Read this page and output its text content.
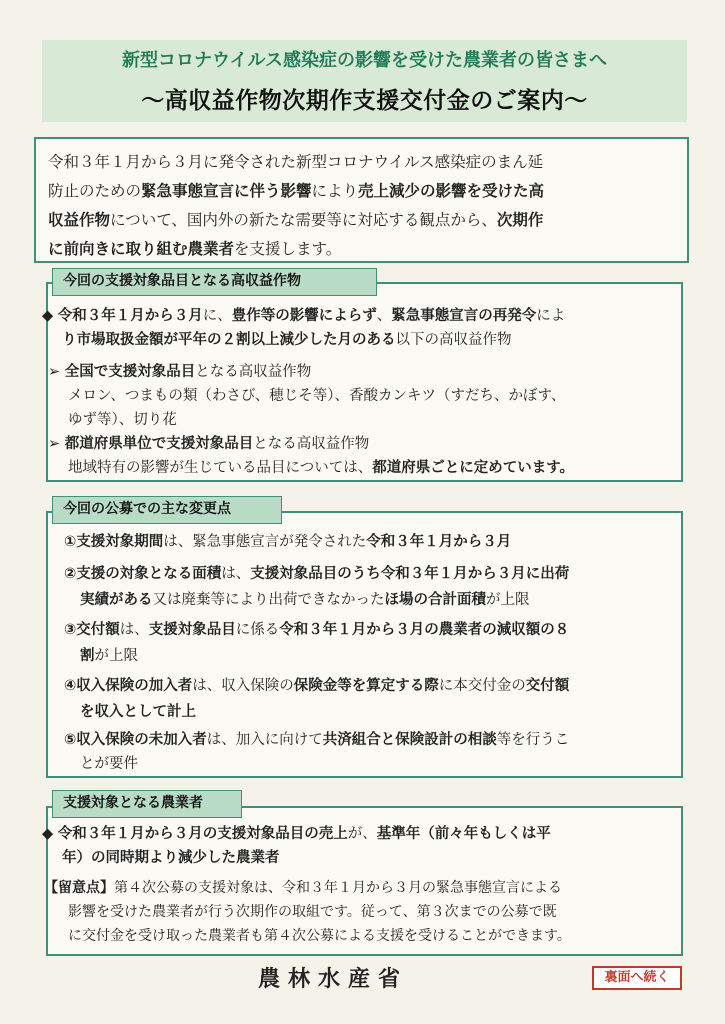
新型コロナウイルス感染症の影響を受けた農業者の皆さまへ
～高収益作物次期作支援交付金のご案内～
令和３年１月から３月に発令された新型コロナウイルス感染症のまん延
防止のための緊急事態宣言に伴う影響により売上減少の影響を受けた高
収益作物について、国内外の新たな需要等に対応する観点から、次期作
に前向きに取り組む農業者を支援します。
◆ 令和３年１月から３月に、豊作等の影響によらず、緊急事態宣言の再発令によ
り市場取扱金額が平年の２割以上減少した月のある以下の高収益作物
➢ 全国で支援対象品目となる高収益作物
メロン、つまもの類（わさび、穂じそ等）、香酸カンキツ（すだち、かぼす、
ゆず等）、切り花
➢ 都道府県単位で支援対象品目となる高収益作物
地域特有の影響が生じている品目については、都道府県ごとに定めています。
今回の支援対象品目となる高収益作物
①支援対象期間は、緊急事態宣言が発令された令和３年１月から３月
②支援の対象となる面積は、支援対象品目のうち令和３年１月から３月に出荷
実績がある又は廃棄等により出荷できなかったほ場の合計面積が上限
③交付額は、支援対象品目に係る令和３年１月から３月の農業者の減収額の８
割が上限
④収入保険の加入者は、収入保険の保険金等を算定する際に本交付金の交付額
を収入として計上
⑤収入保険の未加入者は、加入に向けて共済組合と保険設計の相談等を行うこ
とが要件
今回の公募での主な変更点
◆ 令和３年１月から３月の支援対象品目の売上が、基準年（前々年もしくは平
年）の同時期より減少した農業者
【留意点】第４次公募の支援対象は、令和３年１月から３月の緊急事態宣言による
影響を受けた農業者が行う次期作の取組です。従って、第３次までの公募で既
に交付金を受け取った農業者も第４次公募による支援を受けることができます。
支援対象となる農業者
農林水産省	裏面へ続く
